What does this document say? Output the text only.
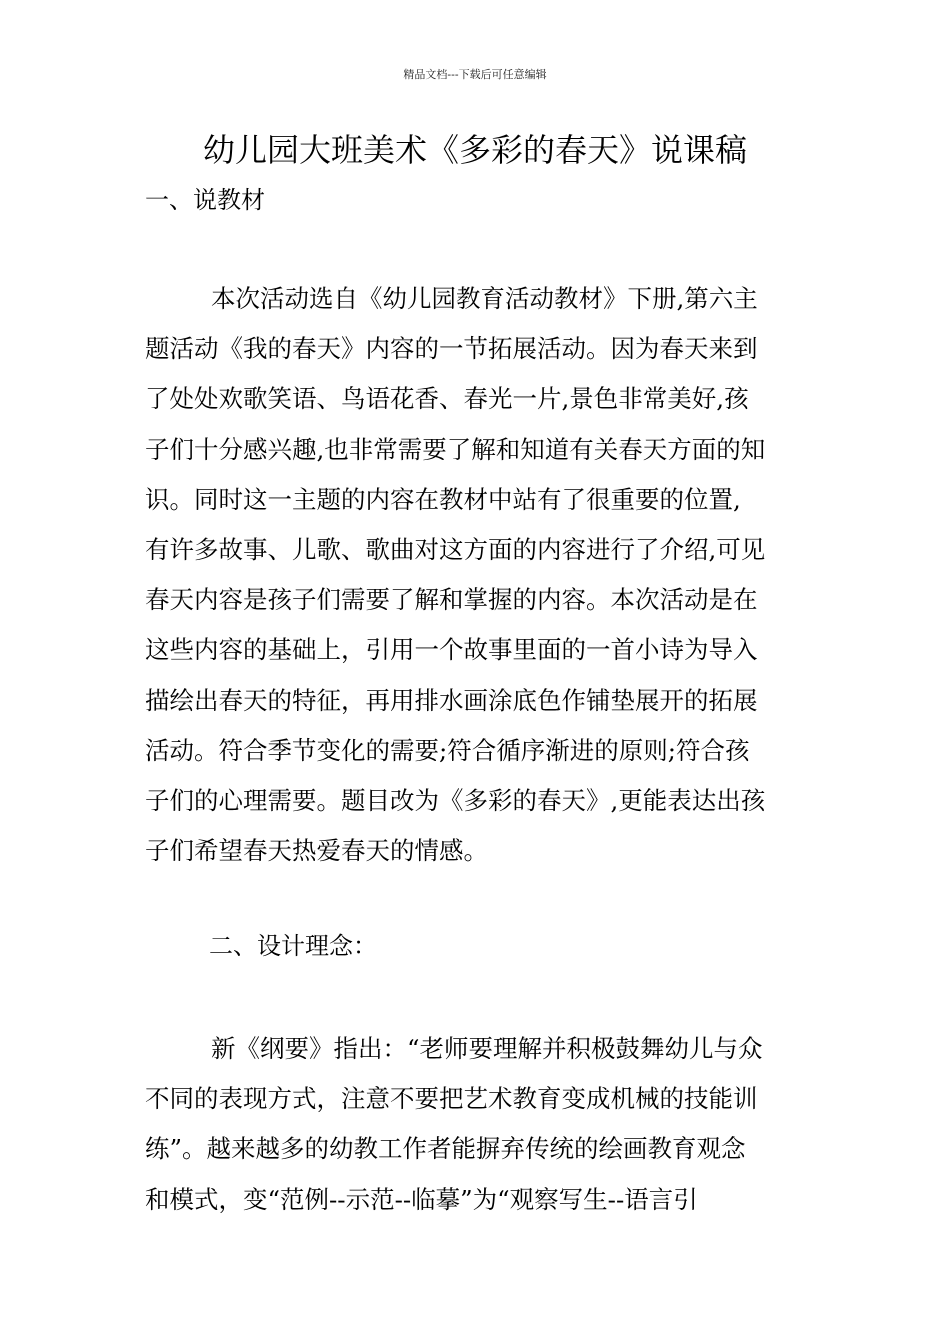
精品文档---下载后可任意编辑
幼儿园大班美术《多彩的春天》说课稿
一、说教材
本次活动选自《幼儿园教育活动教材》下册,第六主
题活动《我的春天》内容的一节拓展活动。因为春天来到
了处处欢歌笑语、鸟语花香、春光一片,景色非常美好,孩
子们十分感兴趣,也非常需要了解和知道有关春天方面的知
识。同时这一主题的内容在教材中站有了很重要的位置,
有许多故事、儿歌、歌曲对这方面的内容进行了介绍,可见
春天内容是孩子们需要了解和掌握的内容。本次活动是在
这些内容的基础上，引用一个故事里面的一首小诗为导入
描绘出春天的特征，再用排水画涂底色作铺垫展开的拓展
活动。符合季节变化的需要;符合循序渐进的原则;符合孩
子们的心理需要。题目改为《多彩的春天》,更能表达出孩
子们希望春天热爱春天的情感。
二、设计理念：
新《纲要》指出：“老师要理解并积极鼓舞幼儿与众
不同的表现方式，注意不要把艺术教育变成机械的技能训
练”。越来越多的幼教工作者能摒弃传统的绘画教育观念
和模式，变“范例--示范--临摹”为“观察写生--语言引
